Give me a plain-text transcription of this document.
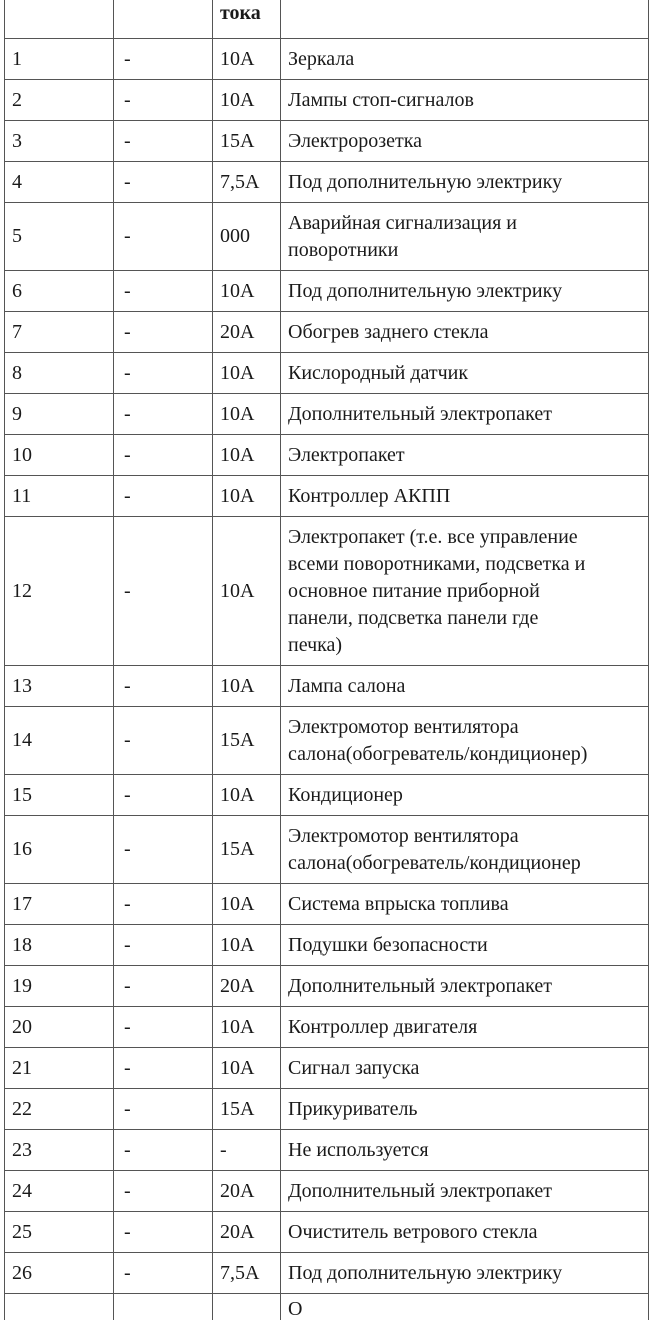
тока

1	-	10А	Зеркала

2	-	10А	Лампы стоп-сигналов

3	-	15А	Электророзетка

4	-	7,5А	Под дополнительную электрику

5	-	000	Аварийная сигнализация и
поворотники

6	-	10А	Под дополнительную электрику

7	-	20А	Обогрев заднего стекла

8	-	10А	Кислородный датчик

9	-	10А	Дополнительный электропакет

10	-	10А	Электропакет

11	-	10А	Контроллер АКПП

12	-	10А	Электропакет (т.е. все управление
всеми поворотниками, подсветка и
основное питание приборной
панели, подсветка панели где
печка)

13	-	10А	Лампа салона

14	-	15А	Электромотор вентилятора
салона(обогреватель/кондиционер)

15	-	10А	Кондиционер

16	-	15А	Электромотор вентилятора
салона(обогреватель/кондиционер

17	-	10А	Система впрыска топлива

18	-	10А	Подушки безопасности

19	-	20А	Дополнительный электропакет

20	-	10А	Контроллер двигателя

21	-	10А	Сигнал запуска

22	-	15А	Прикуриватель

23	-	-	Не используется

24	-	20А	Дополнительный электропакет

25	-	20А	Очиститель ветрового стекла

26	-	7,5А	Под дополнительную электрику

			О
